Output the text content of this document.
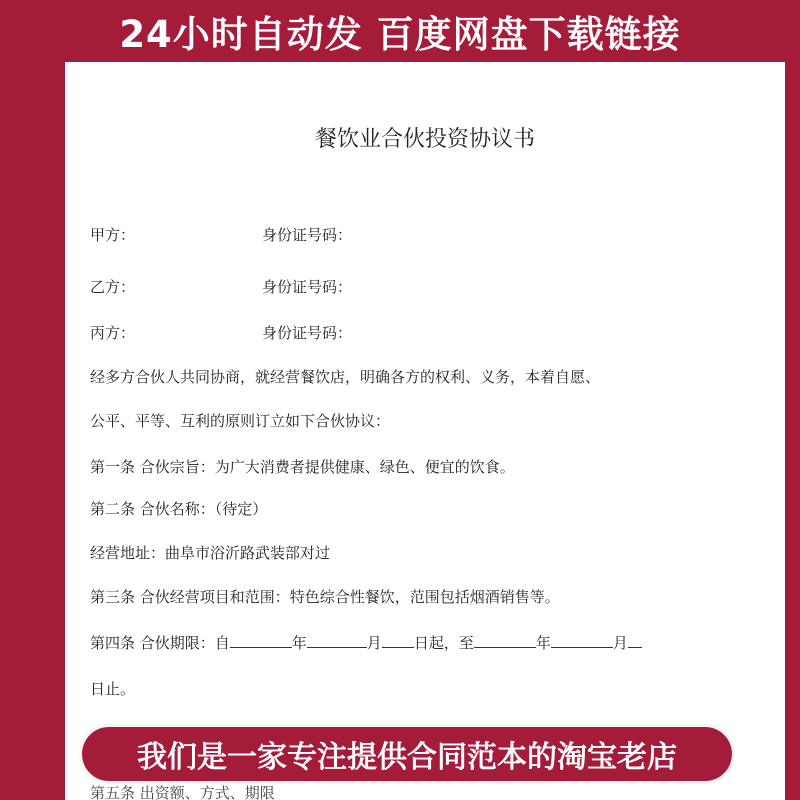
24小时自动发 百度网盘下载链接
餐饮业合伙投资协议书
甲方：	身份证号码：
乙方：	身份证号码：
丙方：	身份证号码：
经多方合伙人共同协商，就经营餐饮店，明确各方的权利、义务，本着自愿、
公平、平等、互利的原则订立如下合伙协议：
第一条 合伙宗旨：为广大消费者提供健康、绿色、便宜的饮食。
第二条 合伙名称：（待定）
经营地址：曲阜市浴沂路武装部对过
第三条 合伙经营项目和范围：特色综合性餐饮，范围包括烟酒销售等。
第四条 合伙期限：自	年	月 日起，至	年	月
日止。
第五条 出资额、方式、期限
我们是一家专注提供合同范本的淘宝老店
